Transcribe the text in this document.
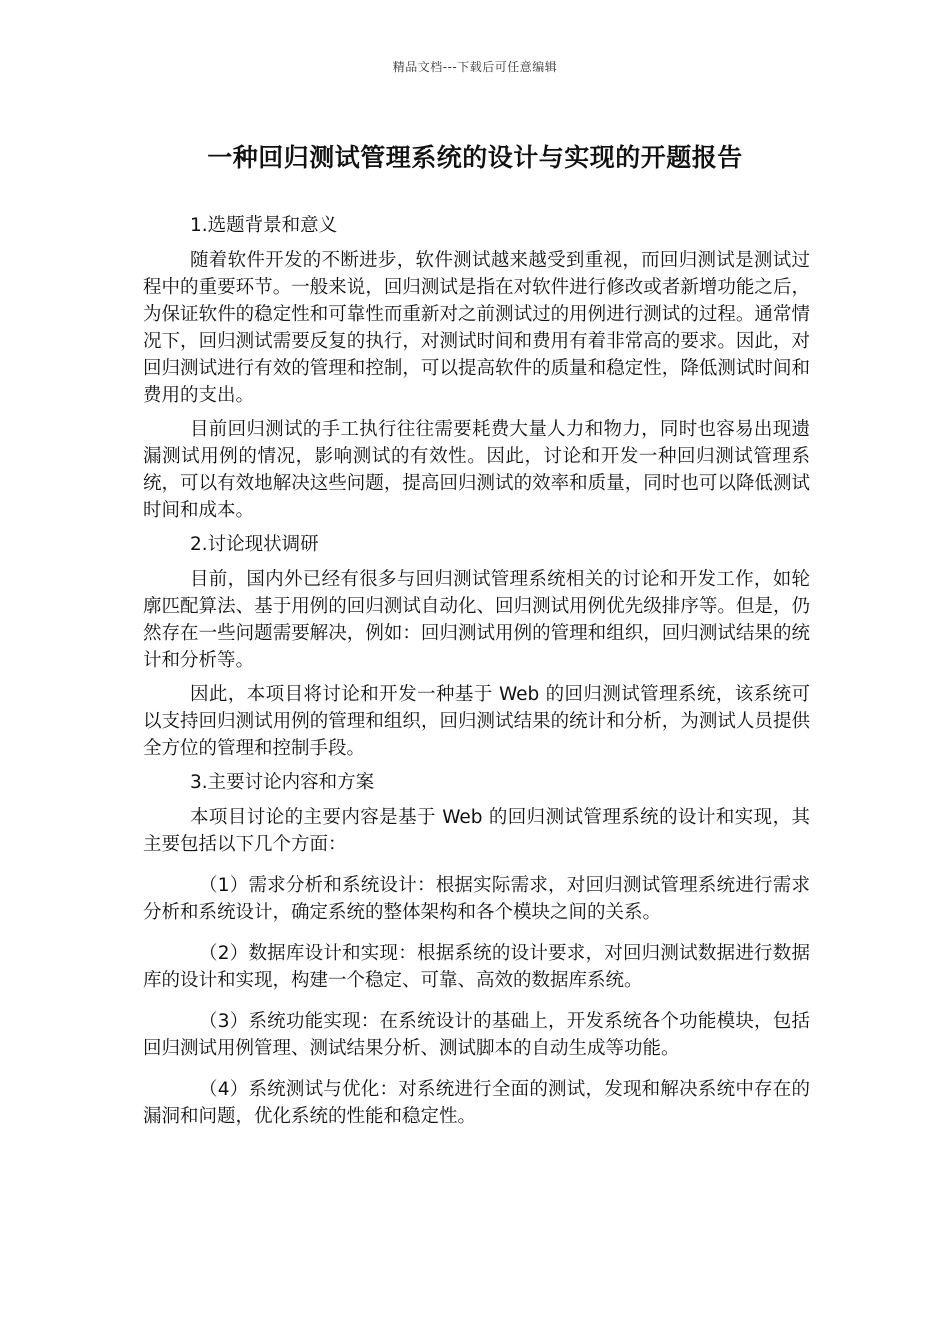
精品文档---下载后可任意编辑
一种回归测试管理系统的设计与实现的开题报告
1.选题背景和意义

随着软件开发的不断进步，软件测试越来越受到重视，而回归测试是测试过程中的重要环节。一般来说，回归测试是指在对软件进行修改或者新增功能之后，为保证软件的稳定性和可靠性而重新对之前测试过的用例进行测试的过程。通常情况下，回归测试需要反复的执行，对测试时间和费用有着非常高的要求。因此，对回归测试进行有效的管理和控制，可以提高软件的质量和稳定性，降低测试时间和费用的支出。

目前回归测试的手工执行往往需要耗费大量人力和物力，同时也容易出现遗漏测试用例的情况，影响测试的有效性。因此，讨论和开发一种回归测试管理系统，可以有效地解决这些问题，提高回归测试的效率和质量，同时也可以降低测试时间和成本。

2.讨论现状调研

目前，国内外已经有很多与回归测试管理系统相关的讨论和开发工作，如轮廓匹配算法、基于用例的回归测试自动化、回归测试用例优先级排序等。但是，仍然存在一些问题需要解决，例如：回归测试用例的管理和组织，回归测试结果的统计和分析等。

因此，本项目将讨论和开发一种基于 Web 的回归测试管理系统，该系统可以支持回归测试用例的管理和组织，回归测试结果的统计和分析，为测试人员提供全方位的管理和控制手段。

3.主要讨论内容和方案

本项目讨论的主要内容是基于 Web 的回归测试管理系统的设计和实现，其主要包括以下几个方面：

（1）需求分析和系统设计：根据实际需求，对回归测试管理系统进行需求分析和系统设计，确定系统的整体架构和各个模块之间的关系。

（2）数据库设计和实现：根据系统的设计要求，对回归测试数据进行数据库的设计和实现，构建一个稳定、可靠、高效的数据库系统。

（3）系统功能实现：在系统设计的基础上，开发系统各个功能模块，包括回归测试用例管理、测试结果分析、测试脚本的自动生成等功能。

（4）系统测试与优化：对系统进行全面的测试，发现和解决系统中存在的漏洞和问题，优化系统的性能和稳定性。
